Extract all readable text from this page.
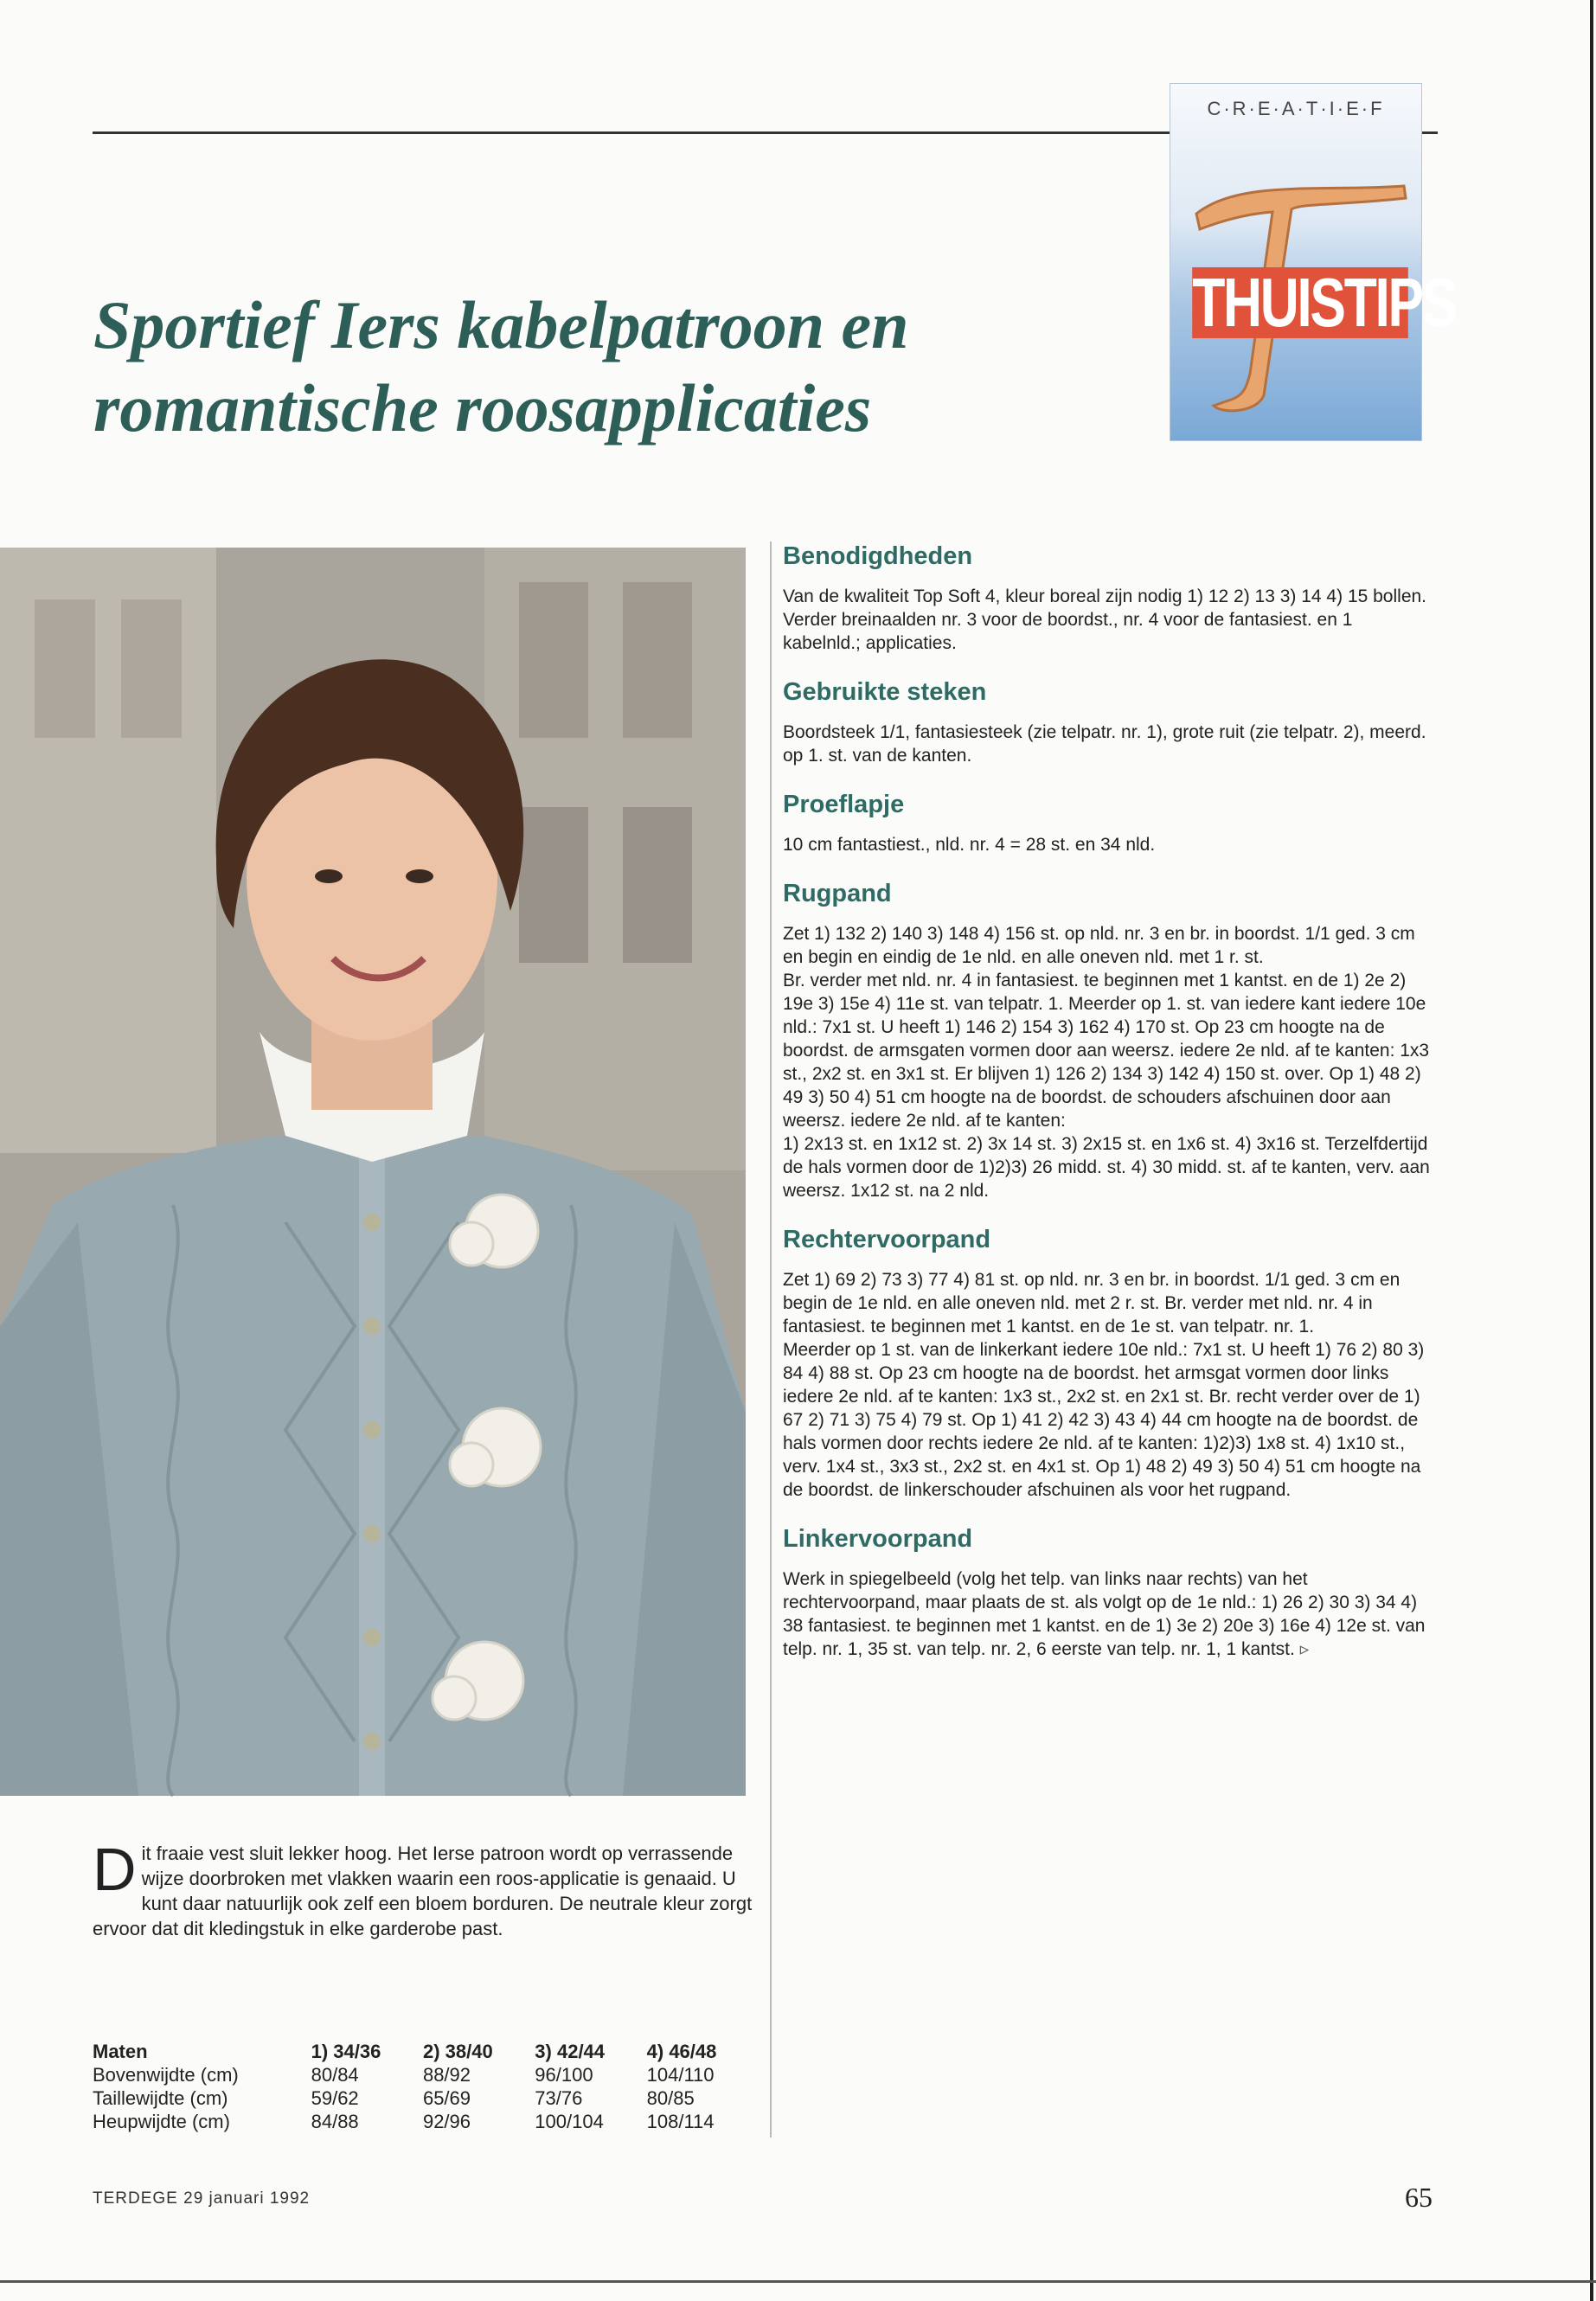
C·R·E·A·T·I·E·F
THUISTIPS
Sportief Iers kabelpatroon en
romantische roosapplicaties
Dit fraaie vest sluit lekker hoog. Het Ierse patroon wordt op verrassende wijze doorbroken met vlakken waarin een roos-applicatie is genaaid. U kunt daar natuurlijk ook zelf een bloem borduren. De neutrale kleur zorgt ervoor dat dit kledingstuk in elke garderobe past.
Maten	1) 34/36	2) 38/40	3) 42/44	4) 46/48
Bovenwijdte (cm)	80/84	88/92	96/100	104/110
Taillewijdte (cm)	59/62	65/69	73/76	80/85
Heupwijdte (cm)	84/88	92/96	100/104	108/114
TERDEGE 29 januari 1992	65
Benodigdheden

Van de kwaliteit Top Soft 4, kleur boreal zijn nodig 1) 12 2) 13 3) 14 4) 15 bollen. Verder breinaalden nr. 3 voor de boordst., nr. 4 voor de fantasiest. en 1 kabelnld.; applicaties.

Gebruikte steken

Boordsteek 1/1, fantasiesteek (zie telpatr. nr. 1), grote ruit (zie telpatr. 2), meerd. op 1. st. van de kanten.

Proeflapje

10 cm fantastiest., nld. nr. 4 = 28 st. en 34 nld.

Rugpand

Zet 1) 132 2) 140 3) 148 4) 156 st. op nld. nr. 3 en br. in boordst. 1/1 ged. 3 cm en begin en eindig de 1e nld. en alle oneven nld. met 1 r. st.

Br. verder met nld. nr. 4 in fantasiest. te beginnen met 1 kantst. en de 1) 2e 2) 19e 3) 15e 4) 11e st. van telpatr. 1. Meerder op 1. st. van iedere kant iedere 10e nld.: 7x1 st. U heeft 1) 146 2) 154 3) 162 4) 170 st. Op 23 cm hoogte na de boordst. de armsgaten vormen door aan weersz. iedere 2e nld. af te kanten: 1x3 st., 2x2 st. en 3x1 st. Er blijven 1) 126 2) 134 3) 142 4) 150 st. over. Op 1) 48 2) 49 3) 50 4) 51 cm hoogte na de boordst. de schouders afschuinen door aan weersz. iedere 2e nld. af te kanten:

1) 2x13 st. en 1x12 st. 2) 3x 14 st. 3) 2x15 st. en 1x6 st. 4) 3x16 st. Terzelfdertijd de hals vormen door de 1)2)3) 26 midd. st. 4) 30 midd. st. af te kanten, verv. aan weersz. 1x12 st. na 2 nld.

Rechtervoorpand

Zet 1) 69 2) 73 3) 77 4) 81 st. op nld. nr. 3 en br. in boordst. 1/1 ged. 3 cm en begin de 1e nld. en alle oneven nld. met 2 r. st. Br. verder met nld. nr. 4 in fantasiest. te beginnen met 1 kantst. en de 1e st. van telpatr. nr. 1.

Meerder op 1 st. van de linkerkant iedere 10e nld.: 7x1 st. U heeft 1) 76 2) 80 3) 84 4) 88 st. Op 23 cm hoogte na de boordst. het armsgat vormen door links iedere 2e nld. af te kanten: 1x3 st., 2x2 st. en 2x1 st. Br. recht verder over de 1) 67 2) 71 3) 75 4) 79 st. Op 1) 41 2) 42 3) 43 4) 44 cm hoogte na de boordst. de hals vormen door rechts iedere 2e nld. af te kanten: 1)2)3) 1x8 st. 4) 1x10 st., verv. 1x4 st., 3x3 st., 2x2 st. en 4x1 st. Op 1) 48 2) 49 3) 50 4) 51 cm hoogte na de boordst. de linkerschouder afschuinen als voor het rugpand.

Linkervoorpand

Werk in spiegelbeeld (volg het telp. van links naar rechts) van het rechtervoorpand, maar plaats de st. als volgt op de 1e nld.: 1) 26 2) 30 3) 34 4) 38 fantasiest. te beginnen met 1 kantst. en de 1) 3e 2) 20e 3) 16e 4) 12e st. van telp. nr. 1, 35 st. van telp. nr. 2, 6 eerste van telp. nr. 1, 1 kantst. ▹
